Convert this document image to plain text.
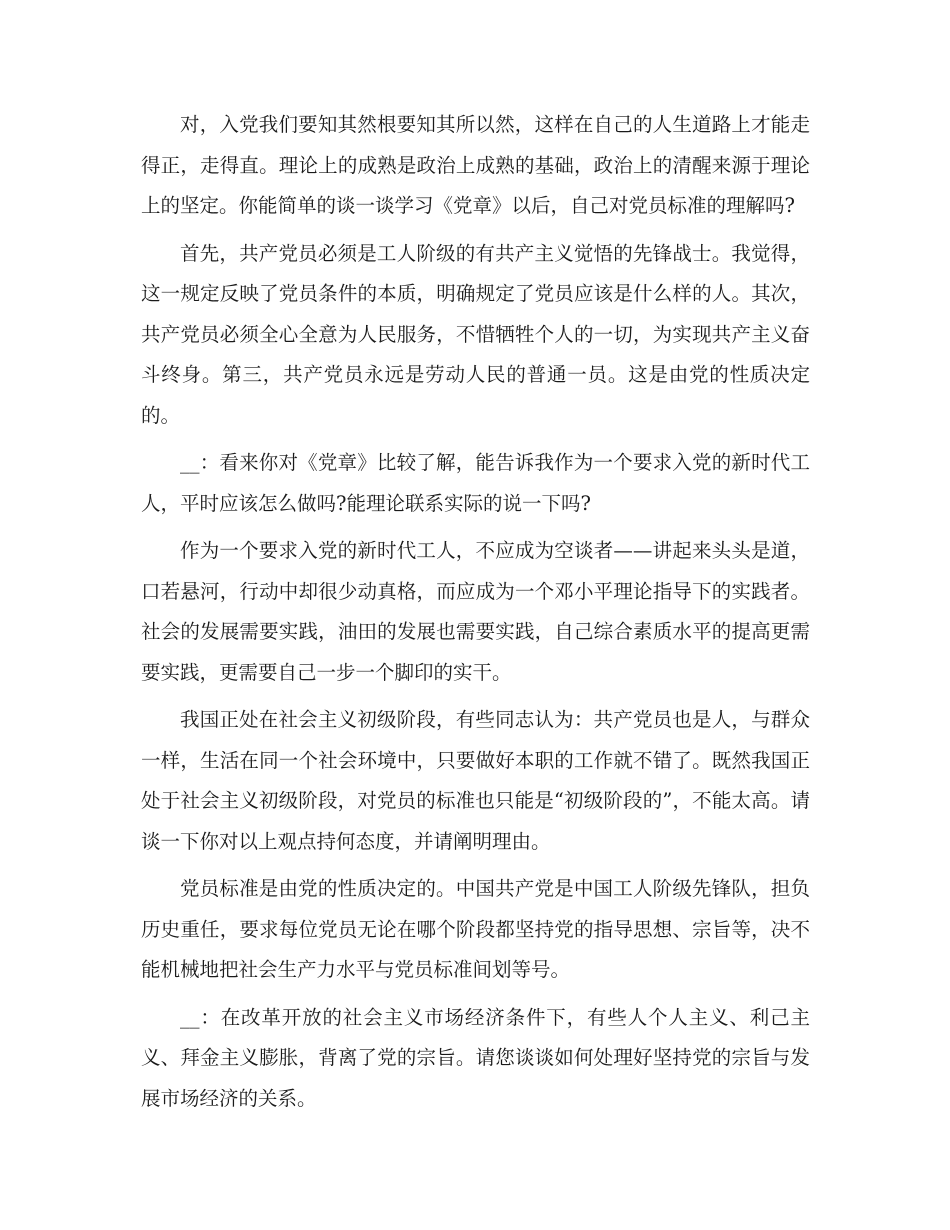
对，入党我们要知其然根要知其所以然，这样在自己的人生道路上才能走得正，走得直。理论上的成熟是政治上成熟的基础，政治上的清醒来源于理论上的坚定。你能简单的谈一谈学习《党章》以后，自己对党员标准的理解吗?

首先，共产党员必须是工人阶级的有共产主义觉悟的先锋战士。我觉得，这一规定反映了党员条件的本质，明确规定了党员应该是什么样的人。其次，共产党员必须全心全意为人民服务，不惜牺牲个人的一切，为实现共产主义奋斗终身。第三，共产党员永远是劳动人民的普通一员。这是由党的性质决定的。

__：看来你对《党章》比较了解，能告诉我作为一个要求入党的新时代工人，平时应该怎么做吗?能理论联系实际的说一下吗?

作为一个要求入党的新时代工人，不应成为空谈者——讲起来头头是道，口若悬河，行动中却很少动真格，而应成为一个邓小平理论指导下的实践者。社会的发展需要实践，油田的发展也需要实践，自己综合素质水平的提高更需要实践，更需要自己一步一个脚印的实干。

我国正处在社会主义初级阶段，有些同志认为：共产党员也是人，与群众一样，生活在同一个社会环境中，只要做好本职的工作就不错了。既然我国正处于社会主义初级阶段，对党员的标准也只能是“初级阶段的”，不能太高。请谈一下你对以上观点持何态度，并请阐明理由。

党员标准是由党的性质决定的。中国共产党是中国工人阶级先锋队，担负历史重任，要求每位党员无论在哪个阶段都坚持党的指导思想、宗旨等，决不能机械地把社会生产力水平与党员标准间划等号。

__：在改革开放的社会主义市场经济条件下，有些人个人主义、利己主义、拜金主义膨胀，背离了党的宗旨。请您谈谈如何处理好坚持党的宗旨与发展市场经济的关系。
